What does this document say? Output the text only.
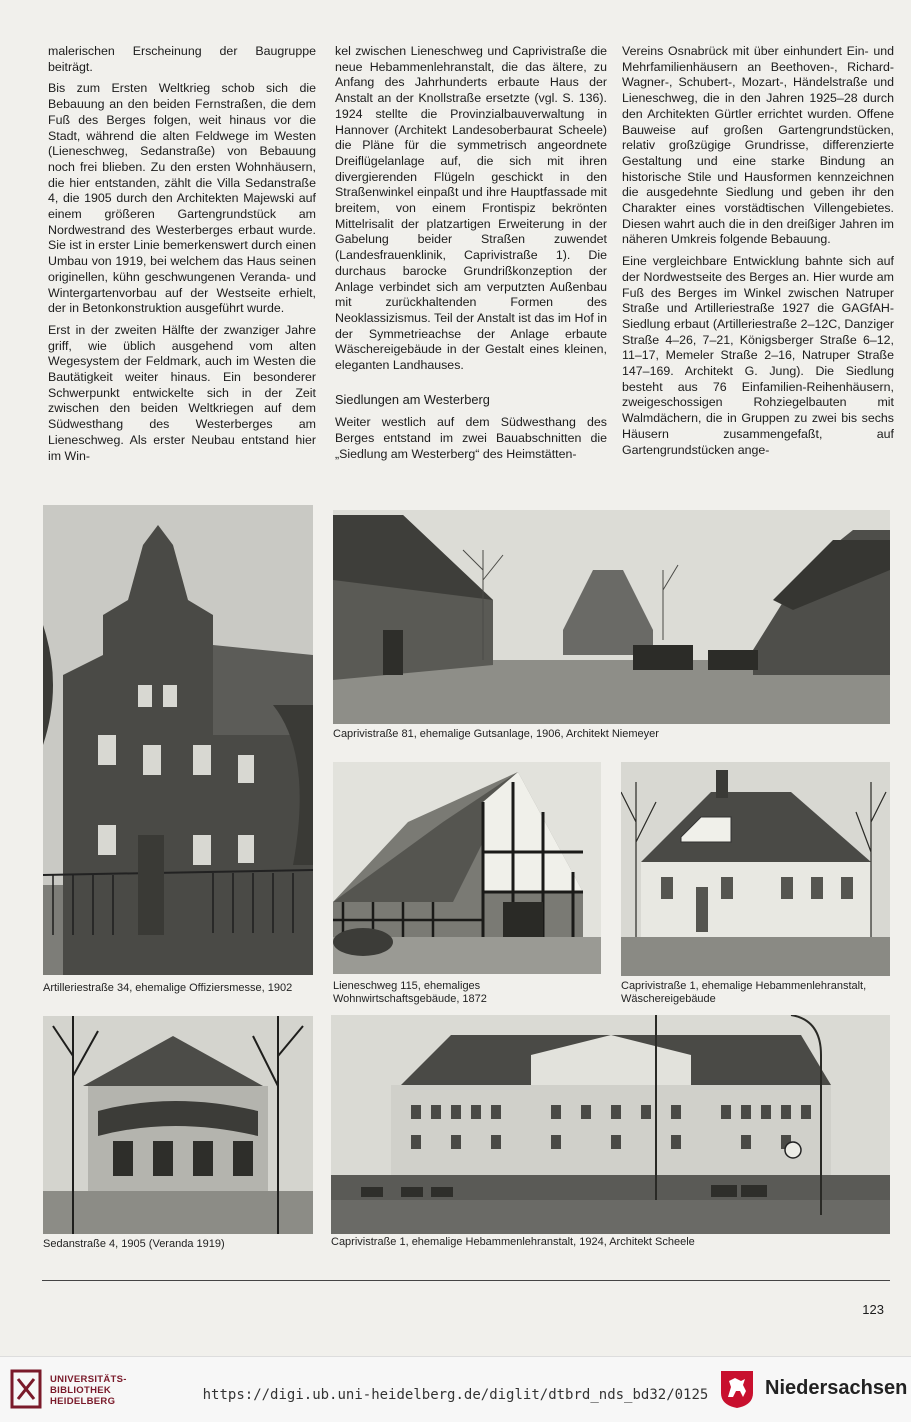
malerischen Erscheinung der Baugruppe beiträgt.

Bis zum Ersten Weltkrieg schob sich die Bebauung an den beiden Fernstraßen, die dem Fuß des Berges folgen, weit hinaus vor die Stadt, während die alten Feldwege im Westen (Lieneschweg, Sedanstraße) von Bebauung noch frei blieben. Zu den ersten Wohnhäusern, die hier entstanden, zählt die Villa Sedanstraße 4, die 1905 durch den Architekten Majewski auf einem größeren Gartengrundstück am Nordwestrand des Westerberges erbaut wurde. Sie ist in erster Linie bemerkenswert durch einen Umbau von 1919, bei welchem das Haus seinen originellen, kühn geschwungenen Veranda- und Wintergartenvorbau auf der Westseite erhielt, der in Betonkonstruktion ausgeführt wurde.

Erst in der zweiten Hälfte der zwanziger Jahre griff, wie üblich ausgehend vom alten Wegesystem der Feldmark, auch im Westen die Bautätigkeit weiter hinaus. Ein besonderer Schwerpunkt entwickelte sich in der Zeit zwischen den beiden Weltkriegen auf dem Südwesthang des Westerberges am Lieneschweg. Als erster Neubau entstand hier im Win-

kel zwischen Lieneschweg und Caprivistraße die neue Hebammenlehranstalt, die das ältere, zu Anfang des Jahrhunderts erbaute Haus der Anstalt an der Knollstraße ersetzte (vgl. S. 136). 1924 stellte die Provinzialbauverwaltung in Hannover (Architekt Landesoberbaurat Scheele) die Pläne für die symmetrisch angeordnete Dreiflügelanlage auf, die sich mit ihren divergierenden Flügeln geschickt in den Straßenwinkel einpaßt und ihre Hauptfassade mit breitem, von einem Frontispiz bekrönten Mittelrisalit der platzartigen Erweiterung in der Gabelung beider Straßen zuwendet (Landesfrauenklinik, Caprivistraße 1). Die durchaus barocke Grundrißkonzeption der Anlage verbindet sich am verputzten Außenbau mit zurückhaltenden Formen des Neoklassizismus. Teil der Anstalt ist das im Hof in der Symmetrieachse der Anlage erbaute Wäschereigebäude in der Gestalt eines kleinen, eleganten Landhauses.

Siedlungen am Westerberg

Weiter westlich auf dem Südwesthang des Berges entstand im zwei Bauabschnitten die „Siedlung am Westerberg“ des Heimstätten-

Vereins Osnabrück mit über einhundert Ein- und Mehrfamilienhäusern an Beethoven-, Richard-Wagner-, Schubert-, Mozart-, Händelstraße und Lieneschweg, die in den Jahren 1925–28 durch den Architekten Gürtler errichtet wurden. Offene Bauweise auf großen Gartengrundstücken, relativ großzügige Grundrisse, differenzierte Gestaltung und eine starke Bindung an historische Stile und Hausformen kennzeichnen die ausgedehnte Siedlung und geben ihr den Charakter eines vorstädtischen Villengebietes. Diesen wahrt auch die in den dreißiger Jahren im näheren Umkreis folgende Bebauung.

Eine vergleichbare Entwicklung bahnte sich auf der Nordwestseite des Berges an. Hier wurde am Fuß des Berges im Winkel zwischen Natruper Straße und Artilleriestraße 1927 die GAGfAH-Siedlung erbaut (Artilleriestraße 2–12C, Danziger Straße 4–26, 7–21, Königsberger Straße 6–12, 11–17, Memeler Straße 2–16, Natruper Straße 147–169. Architekt G. Jung). Die Siedlung besteht aus 76 Einfamilien-Reihenhäusern, zweigeschossigen Rohziegelbauten mit Walmdächern, die in Gruppen zu zwei bis sechs Häusern zusammengefaßt, auf Gartengrundstücken ange-

Artilleriestraße 34, ehemalige Offiziersmesse, 1902
Caprivistraße 81, ehemalige Gutsanlage, 1906, Architekt Niemeyer
Lieneschweg 115, ehemaliges Wohnwirtschaftsgebäude, 1872
Caprivistraße 1, ehemalige Hebammenlehranstalt, Wäschereigebäude
Sedanstraße 4, 1905 (Veranda 1919)	Caprivistraße 1, ehemalige Hebammenlehranstalt, 1924, Architekt Scheele
123
UNIVERSITÄTS-
BIBLIOTHEK
HEIDELBERG	https://digi.ub.uni-heidelberg.de/diglit/dtbrd_nds_bd32/0125	Niedersachsen
